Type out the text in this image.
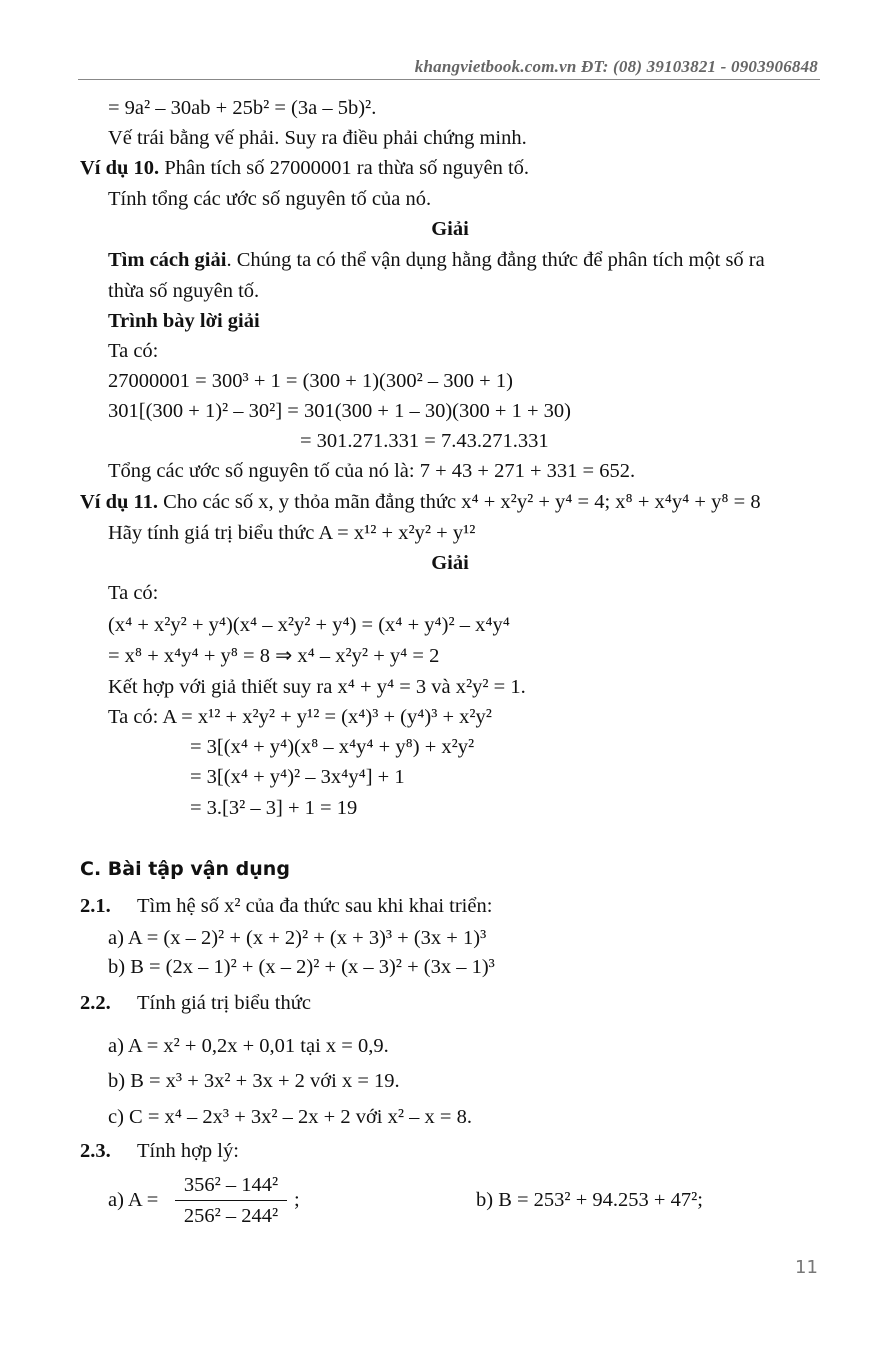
khangvietbook.com.vn ĐT: (08) 39103821 - 0903906848
= 9a² – 30ab + 25b² = (3a – 5b)².
Vế trái bằng vế phải. Suy ra điều phải chứng minh.
Ví dụ 10. Phân tích số 27000001 ra thừa số nguyên tố.
Tính tổng các ước số nguyên tố của nó.
Giải
Tìm cách giải. Chúng ta có thể vận dụng hằng đẳng thức để phân tích một số ra
thừa số nguyên tố.
Trình bày lời giải
Ta có:
27000001 = 300³ + 1 = (300 + 1)(300² – 300 + 1)
301[(300 + 1)² – 30²] = 301(300 + 1 – 30)(300 + 1 + 30)
= 301.271.331 = 7.43.271.331
Tổng các ước số nguyên tố của nó là: 7 + 43 + 271 + 331 = 652.
Ví dụ 11. Cho các số x, y thỏa mãn đẳng thức x⁴ + x²y² + y⁴ = 4; x⁸ + x⁴y⁴ + y⁸ = 8
Hãy tính giá trị biểu thức A = x¹² + x²y² + y¹²
Giải
Ta có:
(x⁴ + x²y² + y⁴)(x⁴ – x²y² + y⁴) = (x⁴ + y⁴)² – x⁴y⁴
= x⁸ + x⁴y⁴ + y⁸ = 8 ⇒ x⁴ – x²y² + y⁴ = 2
Kết hợp với giả thiết suy ra x⁴ + y⁴ = 3 và x²y² = 1.
Ta có: A = x¹² + x²y² + y¹² = (x⁴)³ + (y⁴)³ + x²y²
= 3[(x⁴ + y⁴)(x⁸ – x⁴y⁴ + y⁸) + x²y²
= 3[(x⁴ + y⁴)² – 3x⁴y⁴] + 1
= 3.[3² – 3] + 1 = 19
C. Bài tập vận dụng
2.1. Tìm hệ số x² của đa thức sau khi khai triển:
a) A = (x – 2)² + (x + 2)² + (x + 3)³ + (3x + 1)³
b) B = (2x – 1)² + (x – 2)² + (x – 3)² + (3x – 1)³
2.2. Tính giá trị biểu thức
a) A = x² + 0,2x + 0,01 tại x = 0,9.
b) B = x³ + 3x² + 3x + 2 với x = 19.
c) C = x⁴ – 2x³ + 3x² – 2x + 2 với x² – x = 8.
2.3. Tính hợp lý:
a) A =
356² – 144²
256² – 244²
;	b) B = 253² + 94.253 + 47²;
11
